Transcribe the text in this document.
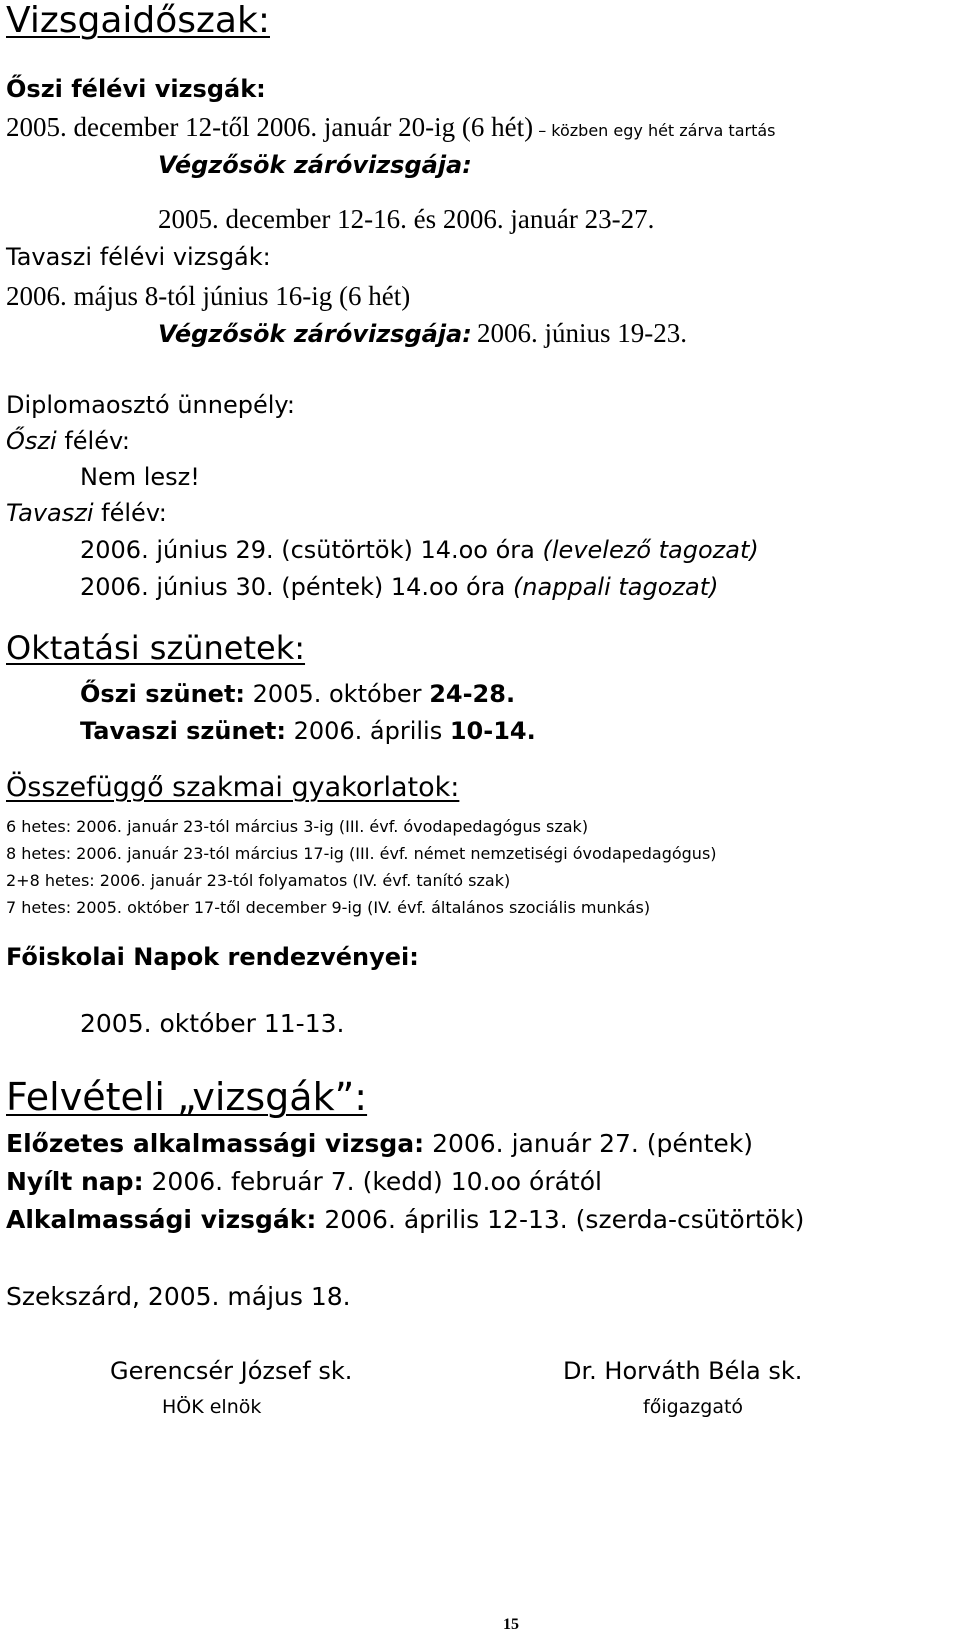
Vizsgaidőszak:
Őszi félévi vizsgák:
2005. december 12-től 2006. január 20-ig (6 hét) – közben egy hét zárva tartás
Végzősök záróvizsgája:
2005. december 12-16. és 2006. január 23-27.
Tavaszi félévi vizsgák:
2006. május 8-tól június 16-ig (6 hét)
Végzősök záróvizsgája: 2006. június 19-23.
Diplomaosztó ünnepély:
Őszi félév:
Nem lesz!
Tavaszi félév:
2006. június 29. (csütörtök) 14.oo óra (levelező tagozat)
2006. június 30. (péntek) 14.oo óra (nappali tagozat)
Oktatási szünetek:
Őszi szünet: 2005. október 24-28.
Tavaszi szünet: 2006. április 10-14.
Összefüggő szakmai gyakorlatok:
6 hetes: 2006. január 23-tól március 3-ig (III. évf. óvodapedagógus szak)
8 hetes: 2006. január 23-tól március 17-ig (III. évf. német nemzetiségi óvodapedagógus)
2+8 hetes: 2006. január 23-tól folyamatos (IV. évf. tanító szak)
7 hetes: 2005. október 17-től december 9-ig (IV. évf. általános szociális munkás)
Főiskolai Napok rendezvényei:
2005. október 11-13.
Felvételi „vizsgák”:
Előzetes alkalmassági vizsga: 2006. január 27. (péntek)
Nyílt nap: 2006. február 7. (kedd) 10.oo órától
Alkalmassági vizsgák: 2006. április 12-13. (szerda-csütörtök)
Szekszárd, 2005. május 18.
Gerencsér József sk.
HÖK elnök
Dr. Horváth Béla sk.
főigazgató
15
